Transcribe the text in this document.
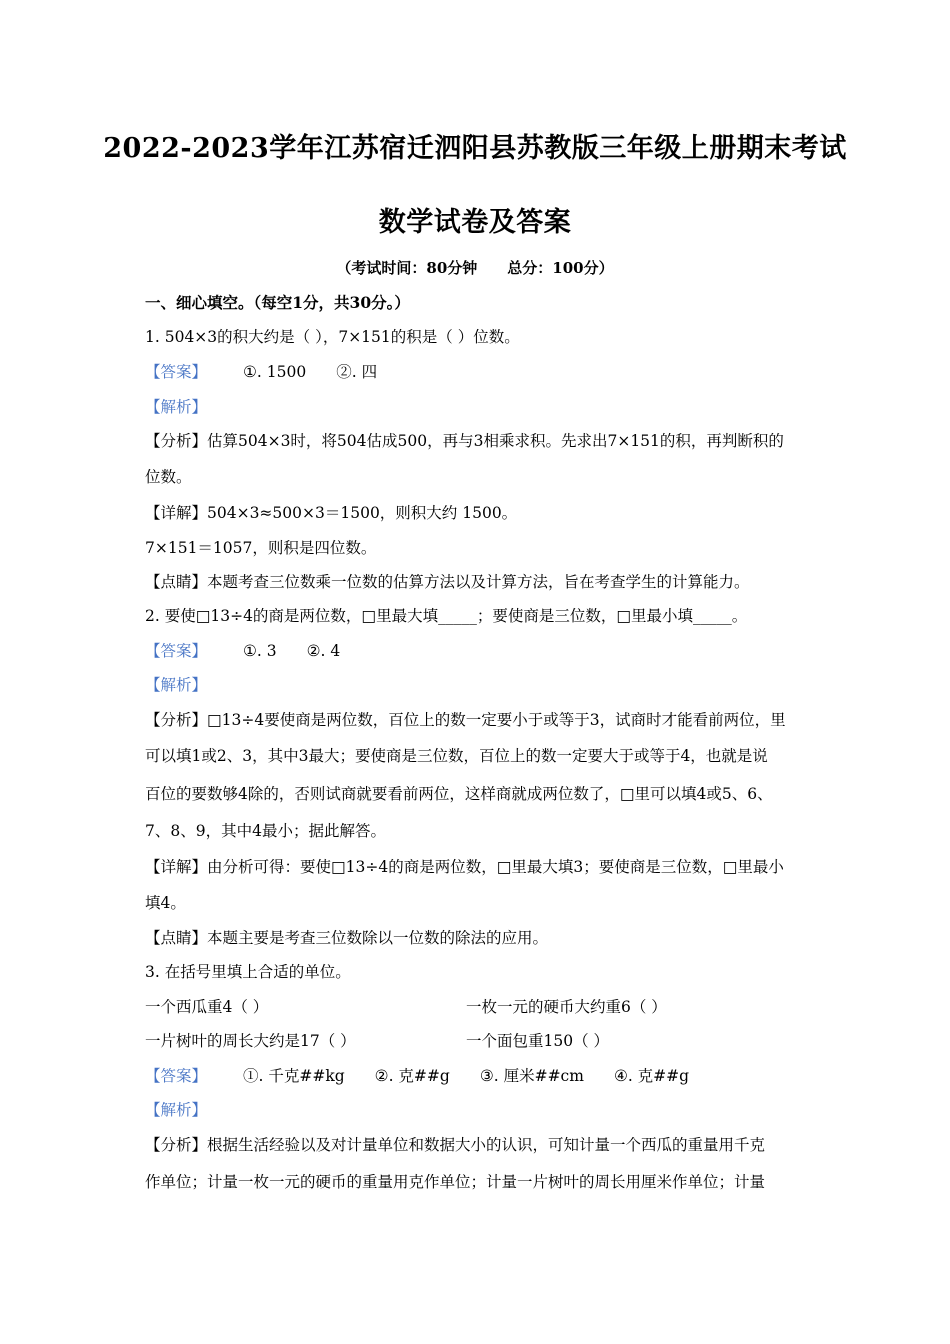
2022-2023学年江苏宿迁泗阳县苏教版三年级上册期末考试
数学试卷及答案
（考试时间：80分钟　　总分：100分）
一、细心填空。（每空1分，共30分。）
1. 504×3的积大约是（ ），7×151的积是（ ）位数。
【答案】 ①. 1500 ②. 四
【解析】
【分析】估算504×3时，将504估成500，再与3相乘求积。先求出7×151的积，再判断积的
位数。
【详解】504×3≈500×3＝1500，则积大约 1500。
7×151＝1057，则积是四位数。
【点睛】本题考查三位数乘一位数的估算方法以及计算方法，旨在考查学生的计算能力。
2. 要使□13÷4的商是两位数，□里最大填_____；要使商是三位数，□里最小填_____。
【答案】 ①. 3 ②. 4
【解析】
【分析】□13÷4要使商是两位数，百位上的数一定要小于或等于3，试商时才能看前两位，里
可以填1或2、3，其中3最大；要使商是三位数，百位上的数一定要大于或等于4，也就是说
百位的要数够4除的，否则试商就要看前两位，这样商就成两位数了，□里可以填4或5、6、
7、8、9，其中4最小；据此解答。
【详解】由分析可得：要使□13÷4的商是两位数，□里最大填3；要使商是三位数，□里最小
填4。
【点睛】本题主要是考查三位数除以一位数的除法的应用。
3. 在括号里填上合适的单位。
一个西瓜重4（ ）	一枚一元的硬币大约重6（ ）
一片树叶的周长大约是17（ ）	一个面包重150（ ）
【答案】 ①. 千克##kg ②. 克##g ③. 厘米##cm ④. 克##g
【解析】
【分析】根据生活经验以及对计量单位和数据大小的认识，可知计量一个西瓜的重量用千克
作单位；计量一枚一元的硬币的重量用克作单位；计量一片树叶的周长用厘米作单位；计量
